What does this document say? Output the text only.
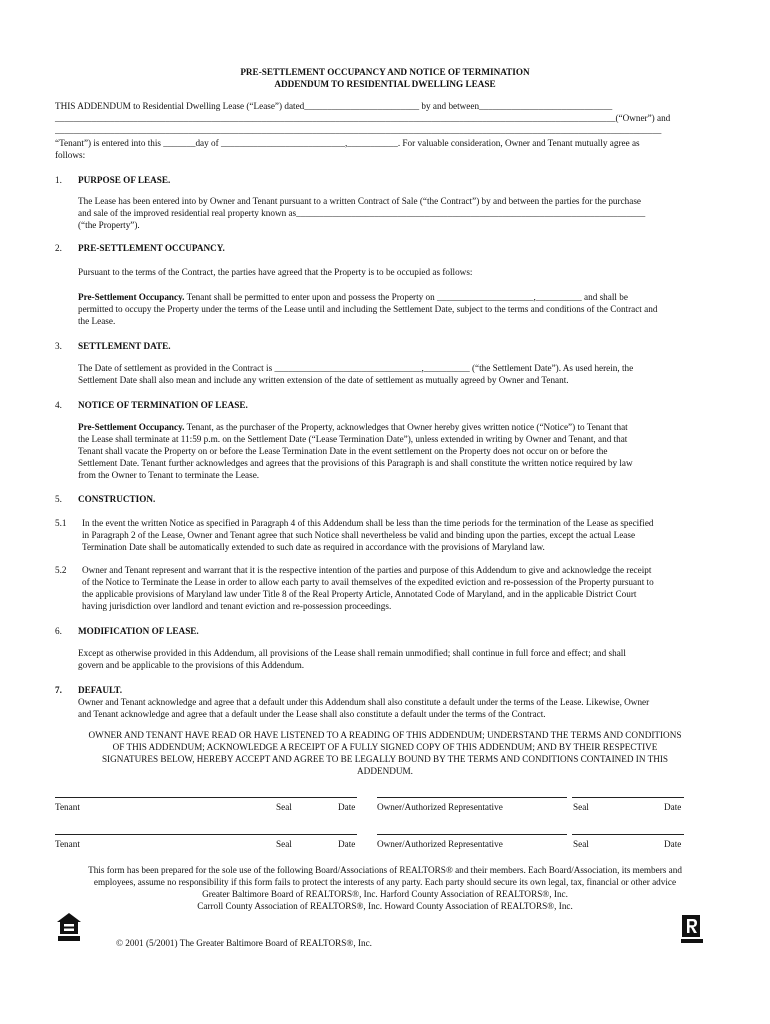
PRE-SETTLEMENT OCCUPANCY AND NOTICE OF TERMINATION
ADDENDUM TO RESIDENTIAL DWELLING LEASE
THIS ADDENDUM to Residential Dwelling Lease (“Lease”) dated_________________________ by and between_____________________________
__________________________________________________________________________________________________________________________(“Owner”) and
____________________________________________________________________________________________________________________________________
“Tenant”) is entered into this _______day of ___________________________,___________. For valuable consideration, Owner and Tenant mutually agree as
follows:
1. PURPOSE OF LEASE.
The Lease has been entered into by Owner and Tenant pursuant to a written Contract of Sale (“the Contract”) by and between the parties for the purchase
and sale of the improved residential real property known as____________________________________________________________________________
(“the Property”).
2. PRE-SETTLEMENT OCCUPANCY.
Pursuant to the terms of the Contract, the parties have agreed that the Property is to be occupied as follows:
Pre-Settlement Occupancy. Tenant shall be permitted to enter upon and possess the Property on _____________________,__________ and shall be
permitted to occupy the Property under the terms of the Lease until and including the Settlement Date, subject to the terms and conditions of the Contract and
the Lease.
3. SETTLEMENT DATE.
The Date of settlement as provided in the Contract is ________________________________,__________ (“the Settlement Date”). As used herein, the
Settlement Date shall also mean and include any written extension of the date of settlement as mutually agreed by Owner and Tenant.
4. NOTICE OF TERMINATION OF LEASE.
Pre-Settlement Occupancy. Tenant, as the purchaser of the Property, acknowledges that Owner hereby gives written notice (“Notice”) to Tenant that
the Lease shall terminate at 11:59 p.m. on the Settlement Date (“Lease Termination Date”), unless extended in writing by Owner and Tenant, and that
Tenant shall vacate the Property on or before the Lease Termination Date in the event settlement on the Property does not occur on or before the
Settlement Date. Tenant further acknowledges and agrees that the provisions of this Paragraph is and shall constitute the written notice required by law
from the Owner to Tenant to terminate the Lease.
5. CONSTRUCTION.
5.1 In the event the written Notice as specified in Paragraph 4 of this Addendum shall be less than the time periods for the termination of the Lease as specified
in Paragraph 2 of the Lease, Owner and Tenant agree that such Notice shall nevertheless be valid and binding upon the parties, except the actual Lease
Termination Date shall be automatically extended to such date as required in accordance with the provisions of Maryland law.
5.2 Owner and Tenant represent and warrant that it is the respective intention of the parties and purpose of this Addendum to give and acknowledge the receipt
of the Notice to Terminate the Lease in order to allow each party to avail themselves of the expedited eviction and re-possession of the Property pursuant to
the applicable provisions of Maryland law under Title 8 of the Real Property Article, Annotated Code of Maryland, and in the applicable District Court
having jurisdiction over landlord and tenant eviction and re-possession proceedings.
6. MODIFICATION OF LEASE.
Except as otherwise provided in this Addendum, all provisions of the Lease shall remain unmodified; shall continue in full force and effect; and shall
govern and be applicable to the provisions of this Addendum.
7. DEFAULT.
Owner and Tenant acknowledge and agree that a default under this Addendum shall also constitute a default under the terms of the Lease. Likewise, Owner
and Tenant acknowledge and agree that a default under the Lease shall also constitute a default under the terms of the Contract.
OWNER AND TENANT HAVE READ OR HAVE LISTENED TO A READING OF THIS ADDENDUM; UNDERSTAND THE TERMS AND CONDITIONS
OF THIS ADDENDUM; ACKNOWLEDGE A RECEIPT OF A FULLY SIGNED COPY OF THIS ADDENDUM; AND BY THEIR RESPECTIVE
SIGNATURES BELOW, HEREBY ACCEPT AND AGREE TO BE LEGALLY BOUND BY THE TERMS AND CONDITIONS CONTAINED IN THIS
ADDENDUM.
Tenant	Seal	Date Owner/Authorized Representative	Seal	Date
Tenant	Seal	Date Owner/Authorized Representative	Seal	Date
This form has been prepared for the sole use of the following Board/Associations of REALTORS® and their members. Each Board/Association, its members and
employees, assume no responsibility if this form fails to protect the interests of any party. Each party should secure its own legal, tax, financial or other advice
Greater Baltimore Board of REALTORS®, Inc. Harford County Association of REALTORS®, Inc.
Carroll County Association of REALTORS®, Inc. Howard County Association of REALTORS®, Inc.
© 2001 (5/2001) The Greater Baltimore Board of REALTORS®, Inc.
